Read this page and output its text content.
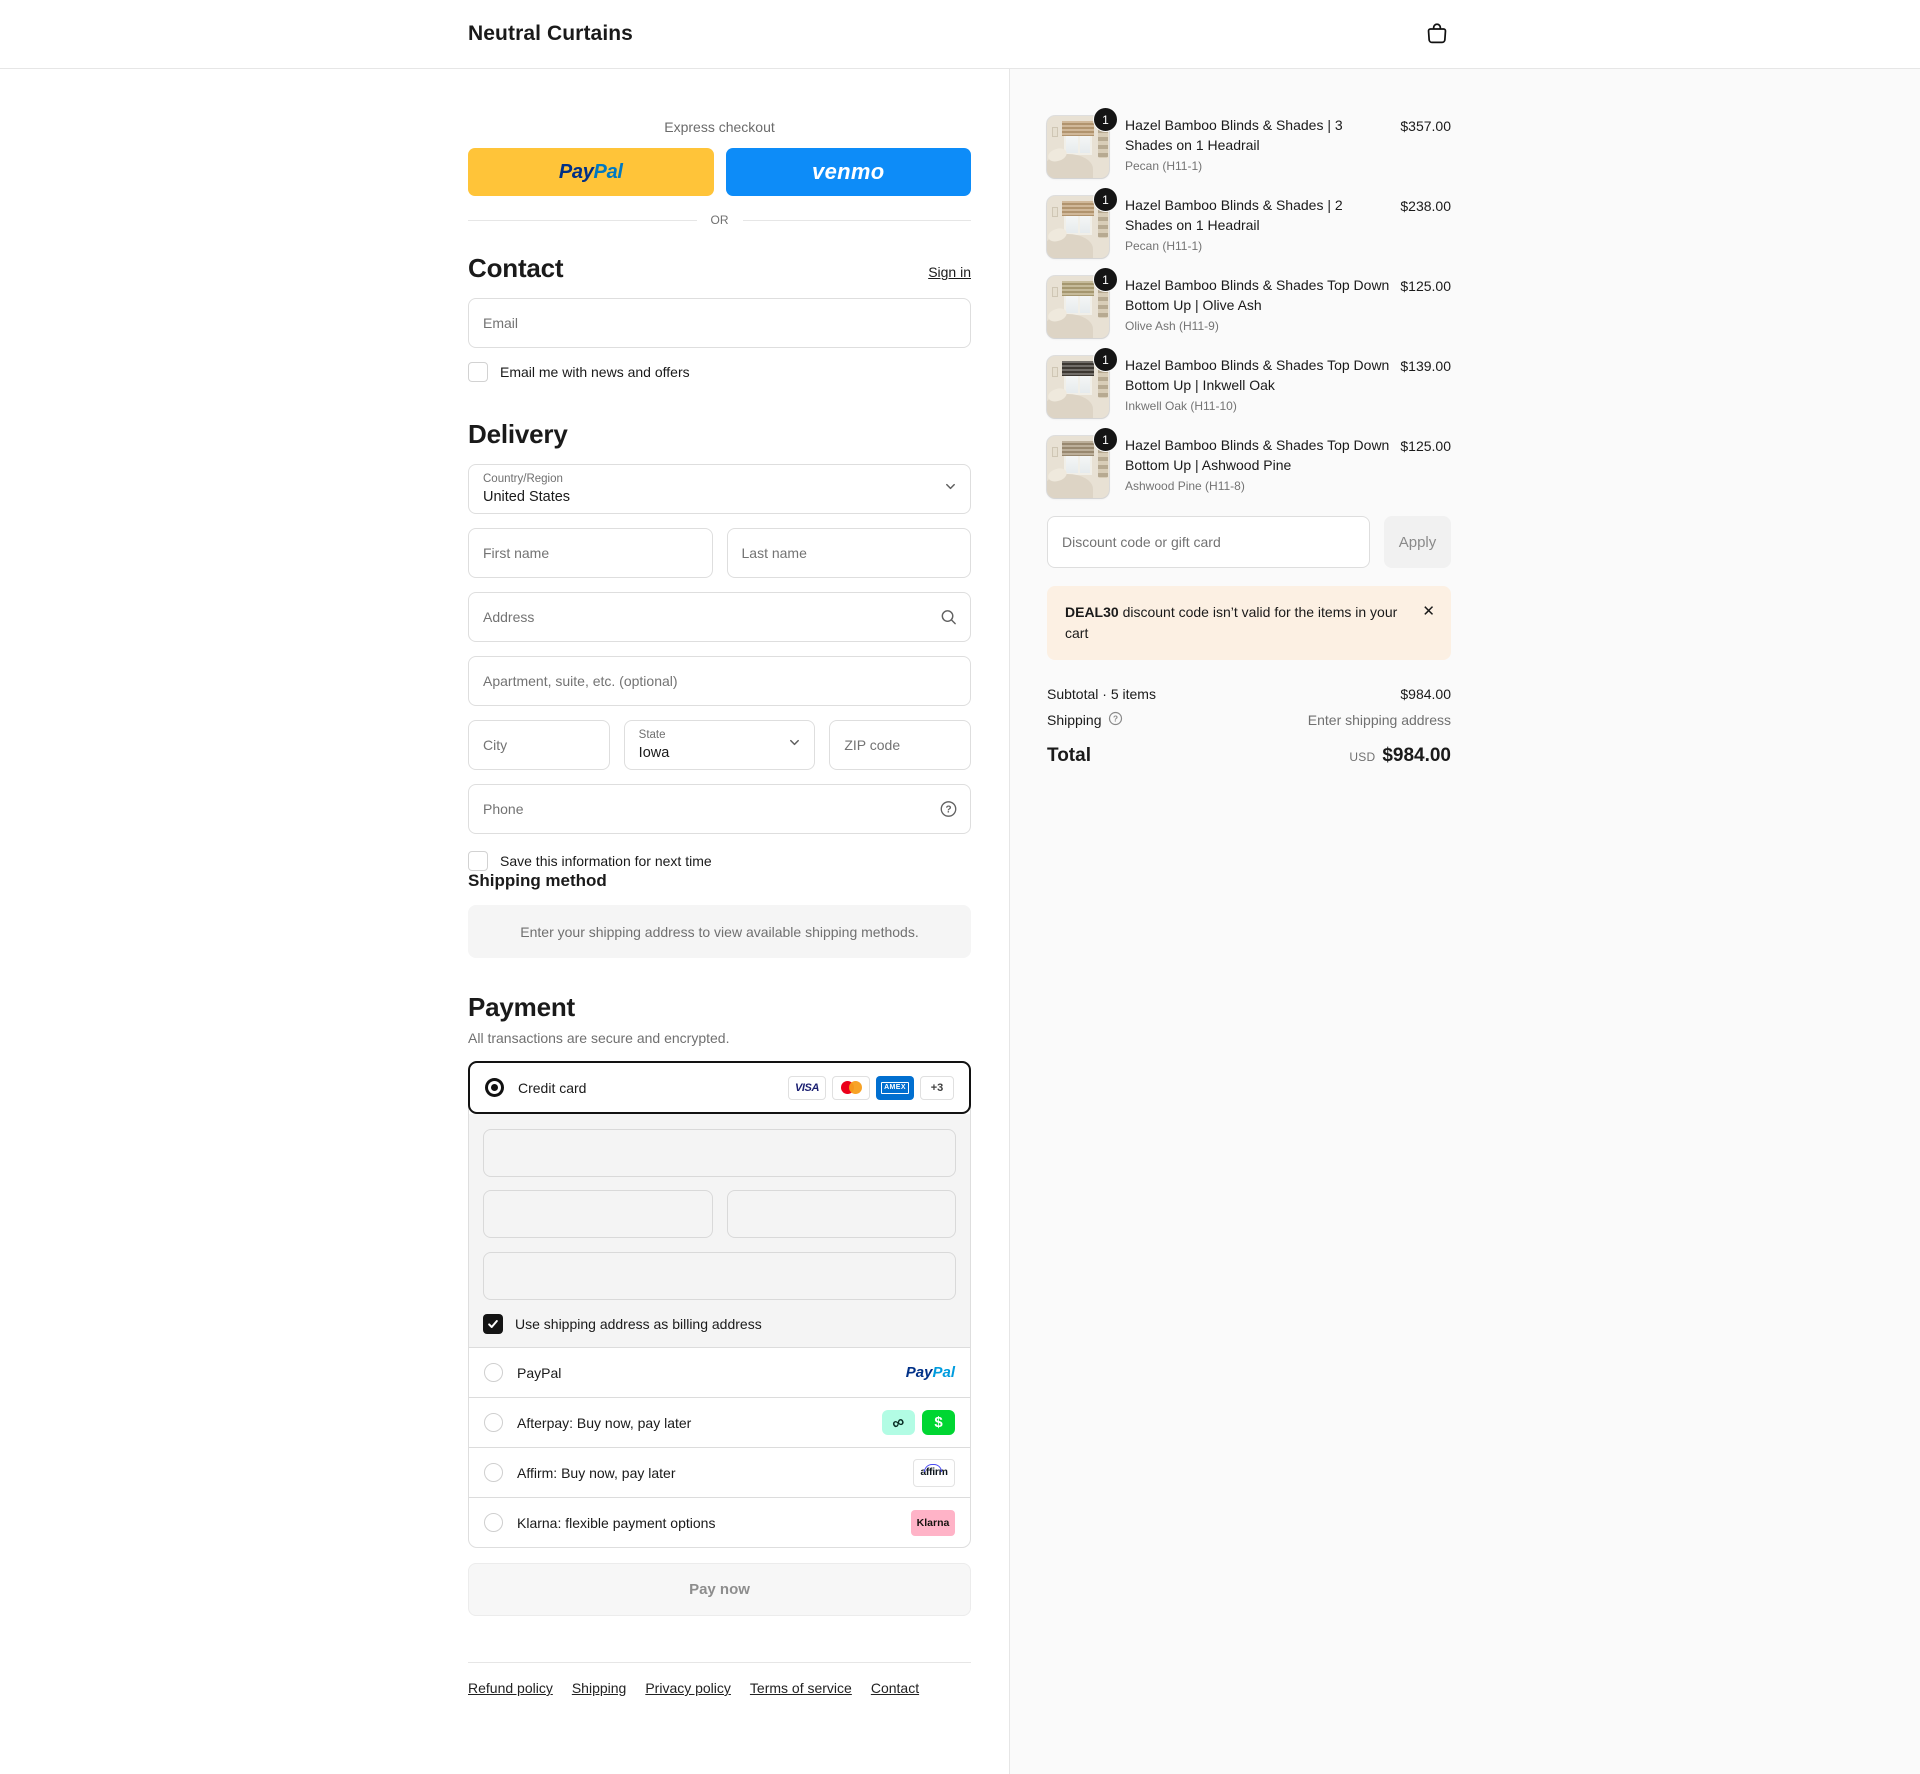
Neutral Curtains
Express checkout
PayPal	venmo
OR
Contact	Sign in
Email
Email me with news and offers
Delivery
Country/Region
United States
First name
Last name
Address
Apartment, suite, etc. (optional)
City
State
Iowa
ZIP code
Phone
?
Save this information for next time
Shipping method
Enter your shipping address to view available shipping methods.
Payment
All transactions are secure and encrypted.
Credit card	VISA	AMEX	+3
Use shipping address as billing address
PayPal	PayPal
Afterpay: Buy now, pay later	∞ $
Affirm: Buy now, pay later	affirm
Klarna: flexible payment options	Klarna
Pay now
Refund policy Shipping Privacy policy Terms of service Contact
1	Hazel Bamboo Blinds & Shades | 3 Shades on 1 Headrail
Pecan (H11-1)
$357.00
1	Hazel Bamboo Blinds & Shades | 2 Shades on 1 Headrail
Pecan (H11-1)
$238.00
1	Hazel Bamboo Blinds & Shades Top Down Bottom Up | Olive Ash
Olive Ash (H11-9)
$125.00
1	Hazel Bamboo Blinds & Shades Top Down Bottom Up | Inkwell Oak
Inkwell Oak (H11-10)
$139.00
1	Hazel Bamboo Blinds & Shades Top Down Bottom Up | Ashwood Pine
Ashwood Pine (H11-8)
$125.00
Discount code or gift card
Apply
DEAL30 discount code isn’t valid for the items in your cart
✕
Subtotal · 5 items	$984.00
Shipping ?	Enter shipping address
Total	USD $984.00
